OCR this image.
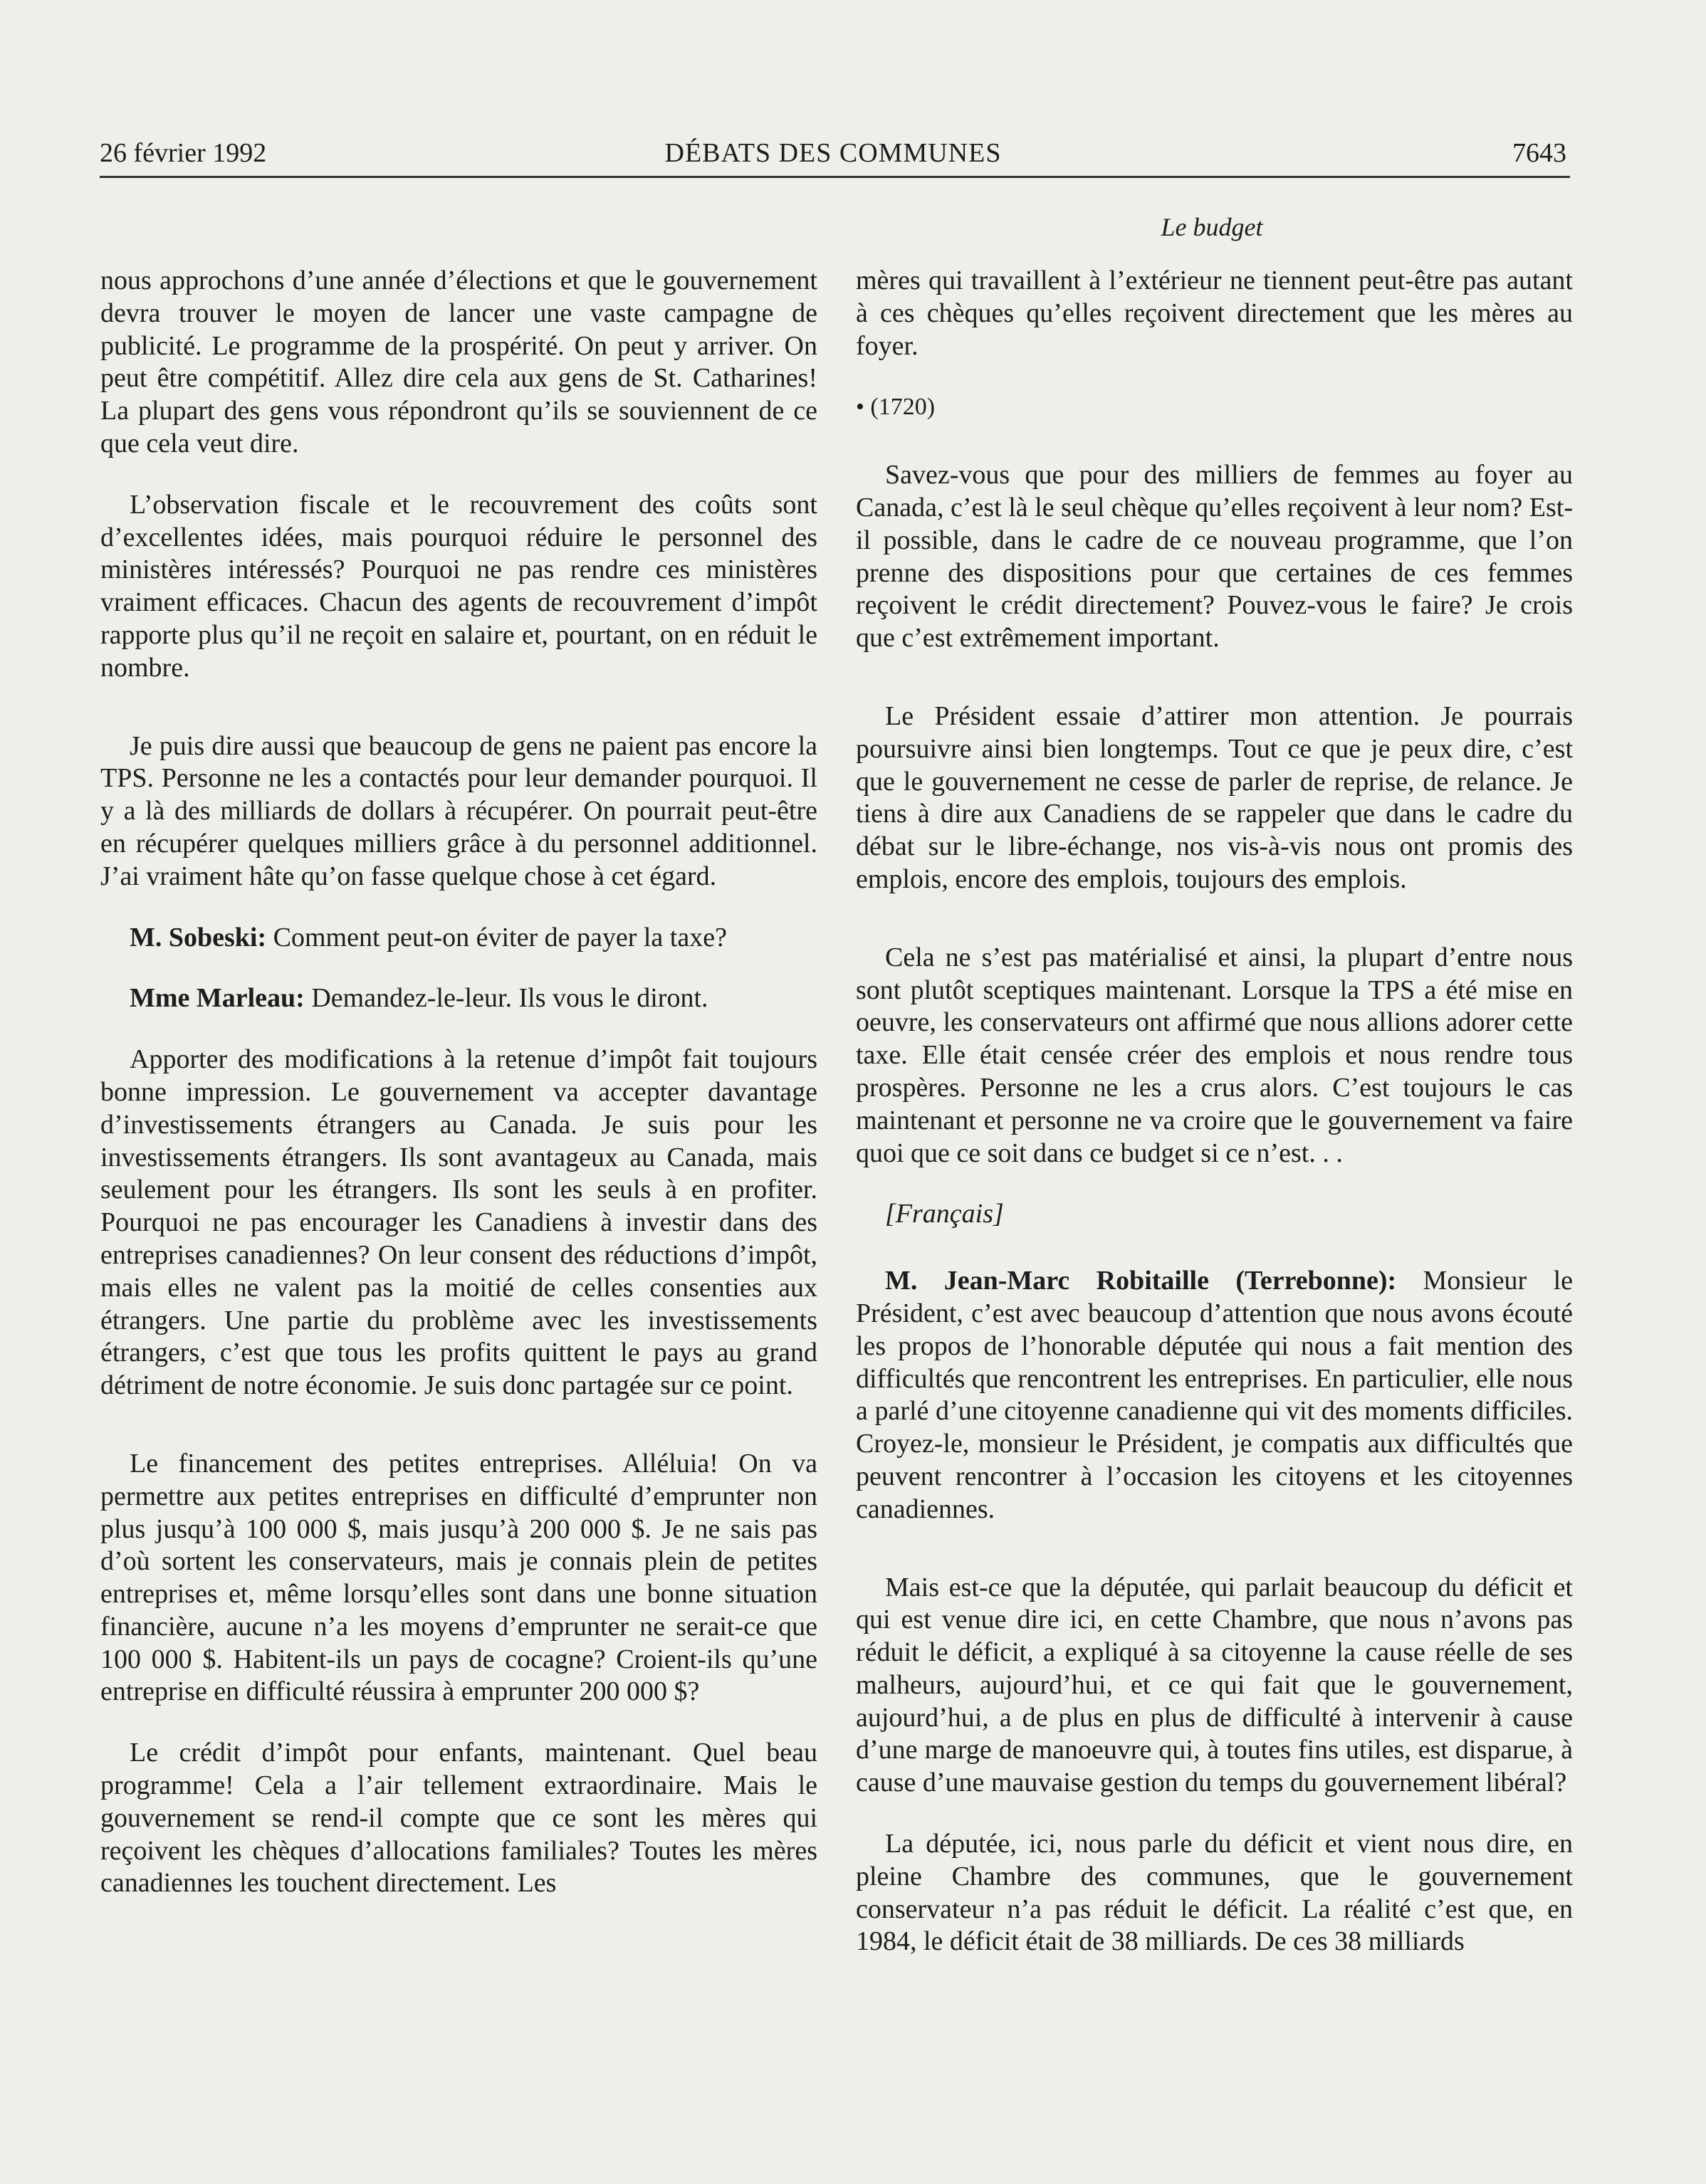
26 février 1992	DÉBATS DES COMMUNES	7643
Le budget

nous approchons d’une année d’élections et que le gouvernement devra trouver le moyen de lancer une vaste campagne de publicité. Le programme de la prospérité. On peut y arriver. On peut être compétitif. Allez dire cela aux gens de St. Catharines! La plupart des gens vous répondront qu’ils se souviennent de ce que cela veut dire.

L’observation fiscale et le recouvrement des coûts sont d’excellentes idées, mais pourquoi réduire le personnel des ministères intéressés? Pourquoi ne pas rendre ces ministères vraiment efficaces. Chacun des agents de recouvrement d’impôt rapporte plus qu’il ne reçoit en salaire et, pourtant, on en réduit le nombre.

Je puis dire aussi que beaucoup de gens ne paient pas encore la TPS. Personne ne les a contactés pour leur demander pourquoi. Il y a là des milliards de dollars à récupérer. On pourrait peut-être en récupérer quelques milliers grâce à du personnel additionnel. J’ai vraiment hâte qu’on fasse quelque chose à cet égard.

M. Sobeski: Comment peut-on éviter de payer la taxe?

Mme Marleau: Demandez-le-leur. Ils vous le diront.

Apporter des modifications à la retenue d’impôt fait toujours bonne impression. Le gouvernement va accepter davantage d’investissements étrangers au Canada. Je suis pour les investissements étrangers. Ils sont avantageux au Canada, mais seulement pour les étrangers. Ils sont les seuls à en profiter. Pourquoi ne pas encourager les Canadiens à investir dans des entreprises canadiennes? On leur consent des réductions d’impôt, mais elles ne valent pas la moitié de celles consenties aux étrangers. Une partie du problème avec les investissements étrangers, c’est que tous les profits quittent le pays au grand détriment de notre économie. Je suis donc partagée sur ce point.

Le financement des petites entreprises. Alléluia! On va permettre aux petites entreprises en difficulté d’emprunter non plus jusqu’à 100 000 $, mais jusqu’à 200 000 $. Je ne sais pas d’où sortent les conservateurs, mais je connais plein de petites entreprises et, même lorsqu’elles sont dans une bonne situation financière, aucune n’a les moyens d’emprunter ne serait-ce que 100 000 $. Habitent-ils un pays de cocagne? Croient-ils qu’une entreprise en difficulté réussira à emprunter 200 000 $?

Le crédit d’impôt pour enfants, maintenant. Quel beau programme! Cela a l’air tellement extraordinaire. Mais le gouvernement se rend-il compte que ce sont les mères qui reçoivent les chèques d’allocations familiales? Toutes les mères canadiennes les touchent directement. Les

mères qui travaillent à l’extérieur ne tiennent peut-être pas autant à ces chèques qu’elles reçoivent directement que les mères au foyer.

• (1720)

Savez-vous que pour des milliers de femmes au foyer au Canada, c’est là le seul chèque qu’elles reçoivent à leur nom? Est-il possible, dans le cadre de ce nouveau programme, que l’on prenne des dispositions pour que certaines de ces femmes reçoivent le crédit directement? Pouvez-vous le faire? Je crois que c’est extrêmement important.

Le Président essaie d’attirer mon attention. Je pourrais poursuivre ainsi bien longtemps. Tout ce que je peux dire, c’est que le gouvernement ne cesse de parler de reprise, de relance. Je tiens à dire aux Canadiens de se rappeler que dans le cadre du débat sur le libre-échange, nos vis-à-vis nous ont promis des emplois, encore des emplois, toujours des emplois.

Cela ne s’est pas matérialisé et ainsi, la plupart d’entre nous sont plutôt sceptiques maintenant. Lorsque la TPS a été mise en oeuvre, les conservateurs ont affirmé que nous allions adorer cette taxe. Elle était censée créer des emplois et nous rendre tous prospères. Personne ne les a crus alors. C’est toujours le cas maintenant et personne ne va croire que le gouvernement va faire quoi que ce soit dans ce budget si ce n’est. . .

[Français]

M. Jean-Marc Robitaille (Terrebonne): Monsieur le Président, c’est avec beaucoup d’attention que nous avons écouté les propos de l’honorable députée qui nous a fait mention des difficultés que rencontrent les entreprises. En particulier, elle nous a parlé d’une citoyenne canadienne qui vit des moments difficiles. Croyez-le, monsieur le Président, je compatis aux difficultés que peuvent rencontrer à l’occasion les citoyens et les citoyennes canadiennes.

Mais est-ce que la députée, qui parlait beaucoup du déficit et qui est venue dire ici, en cette Chambre, que nous n’avons pas réduit le déficit, a expliqué à sa citoyenne la cause réelle de ses malheurs, aujourd’hui, et ce qui fait que le gouvernement, aujourd’hui, a de plus en plus de difficulté à intervenir à cause d’une marge de manoeuvre qui, à toutes fins utiles, est disparue, à cause d’une mauvaise gestion du temps du gouvernement libéral?

La députée, ici, nous parle du déficit et vient nous dire, en pleine Chambre des communes, que le gouvernement conservateur n’a pas réduit le déficit. La réalité c’est que, en 1984, le déficit était de 38 milliards. De ces 38 milliards
